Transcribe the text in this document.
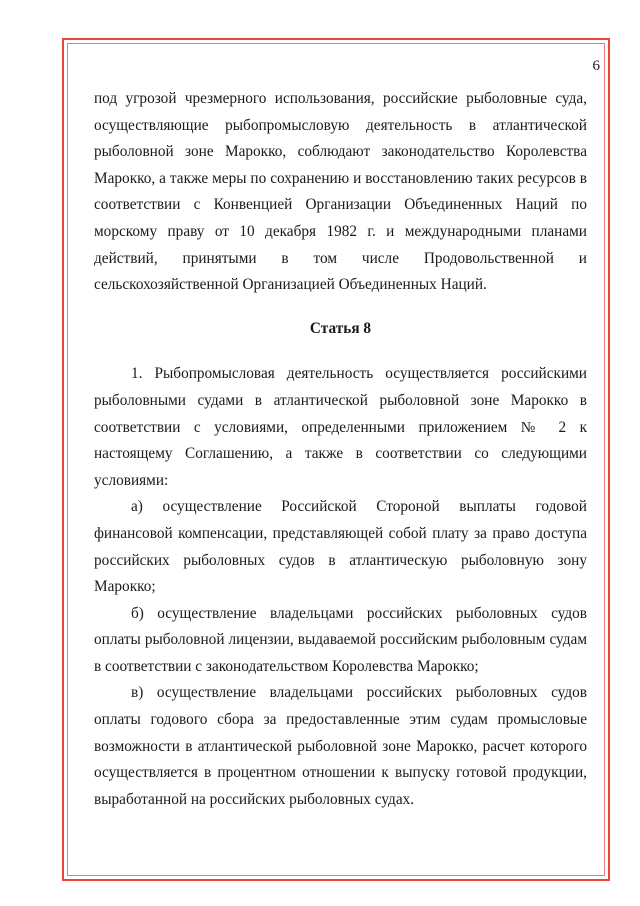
6

под угрозой чрезмерного использования, российские рыболовные суда, осуществляющие рыбопромысловую деятельность в атлантической рыболовной зоне Марокко, соблюдают законодательство Королевства Марокко, а также меры по сохранению и восстановлению таких ресурсов в соответствии с Конвенцией Организации Объединенных Наций по морскому праву от 10 декабря 1982 г. и международными планами действий, принятыми в том числе Продовольственной и сельскохозяйственной Организацией Объединенных Наций.

Статья 8

1. Рыбопромысловая деятельность осуществляется российскими рыболовными судами в атлантической рыболовной зоне Марокко в соответствии с условиями, определенными приложением № 2 к настоящему Соглашению, а также в соответствии со следующими условиями:

а) осуществление Российской Стороной выплаты годовой финансовой компенсации, представляющей собой плату за право доступа российских рыболовных судов в атлантическую рыболовную зону Марокко;

б) осуществление владельцами российских рыболовных судов оплаты рыболовной лицензии, выдаваемой российским рыболовным судам в соответствии с законодательством Королевства Марокко;

в) осуществление владельцами российских рыболовных судов оплаты годового сбора за предоставленные этим судам промысловые возможности в атлантической рыболовной зоне Марокко, расчет которого осуществляется в процентном отношении к выпуску готовой продукции, выработанной на российских рыболовных судах.
